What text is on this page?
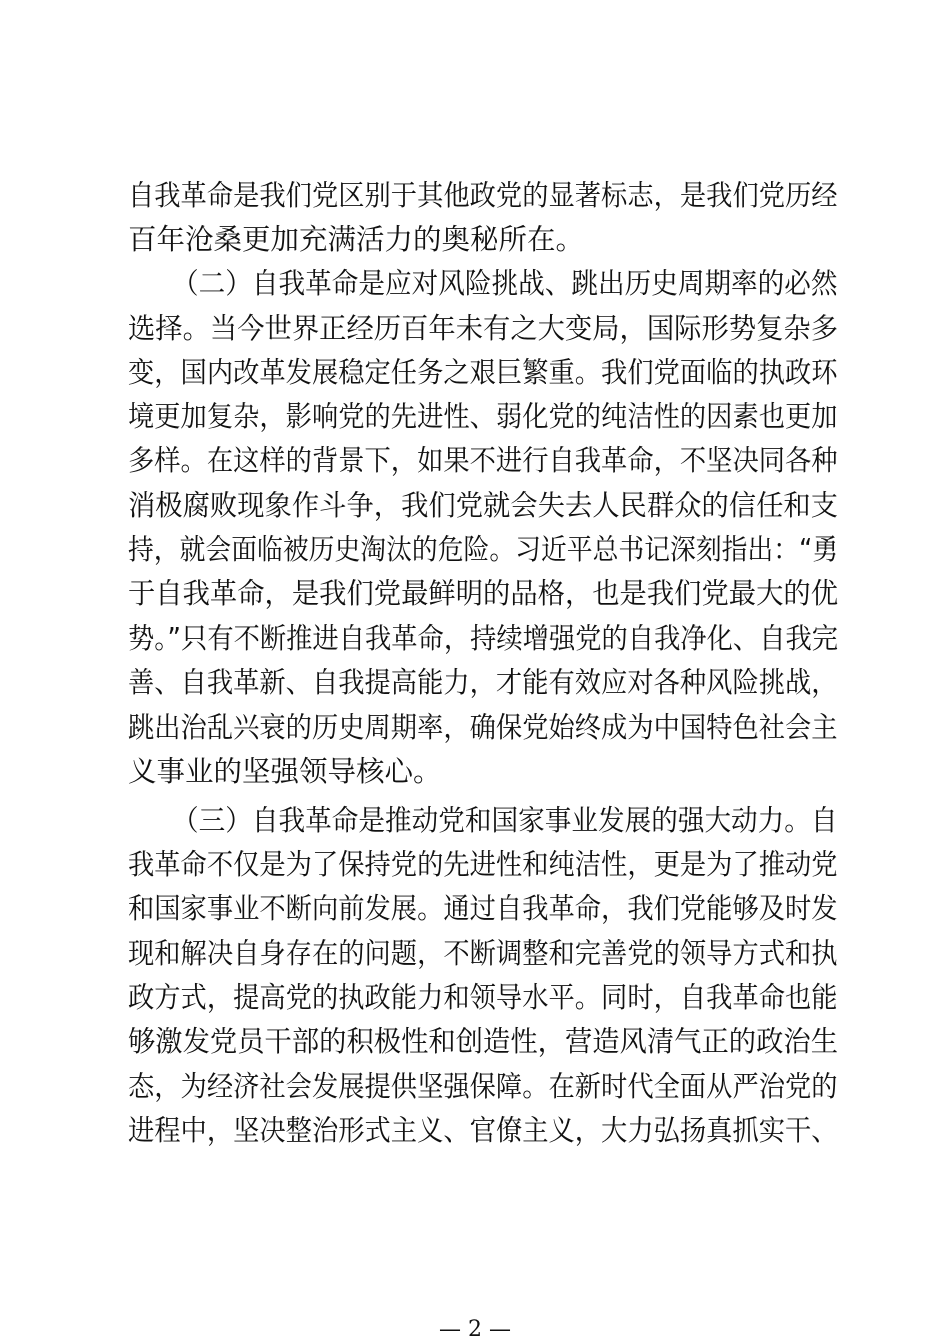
自我革命是我们党区别于其他政党的显著标志，是我们党历经
百年沧桑更加充满活力的奥秘所在。
（二）自我革命是应对风险挑战、跳出历史周期率的必然
选择。当今世界正经历百年未有之大变局，国际形势复杂多
变，国内改革发展稳定任务之艰巨繁重。我们党面临的执政环
境更加复杂，影响党的先进性、弱化党的纯洁性的因素也更加
多样。在这样的背景下，如果不进行自我革命，不坚决同各种
消极腐败现象作斗争，我们党就会失去人民群众的信任和支
持，就会面临被历史淘汰的危险。习近平总书记深刻指出：“勇
于自我革命，是我们党最鲜明的品格，也是我们党最大的优
势。”只有不断推进自我革命，持续增强党的自我净化、自我完
善、自我革新、自我提高能力，才能有效应对各种风险挑战，
跳出治乱兴衰的历史周期率，确保党始终成为中国特色社会主
义事业的坚强领导核心。
（三）自我革命是推动党和国家事业发展的强大动力。自
我革命不仅是为了保持党的先进性和纯洁性，更是为了推动党
和国家事业不断向前发展。通过自我革命，我们党能够及时发
现和解决自身存在的问题，不断调整和完善党的领导方式和执
政方式，提高党的执政能力和领导水平。同时，自我革命也能
够激发党员干部的积极性和创造性，营造风清气正的政治生
态，为经济社会发展提供坚强保障。在新时代全面从严治党的
进程中，坚决整治形式主义、官僚主义，大力弘扬真抓实干、
— 2 —
